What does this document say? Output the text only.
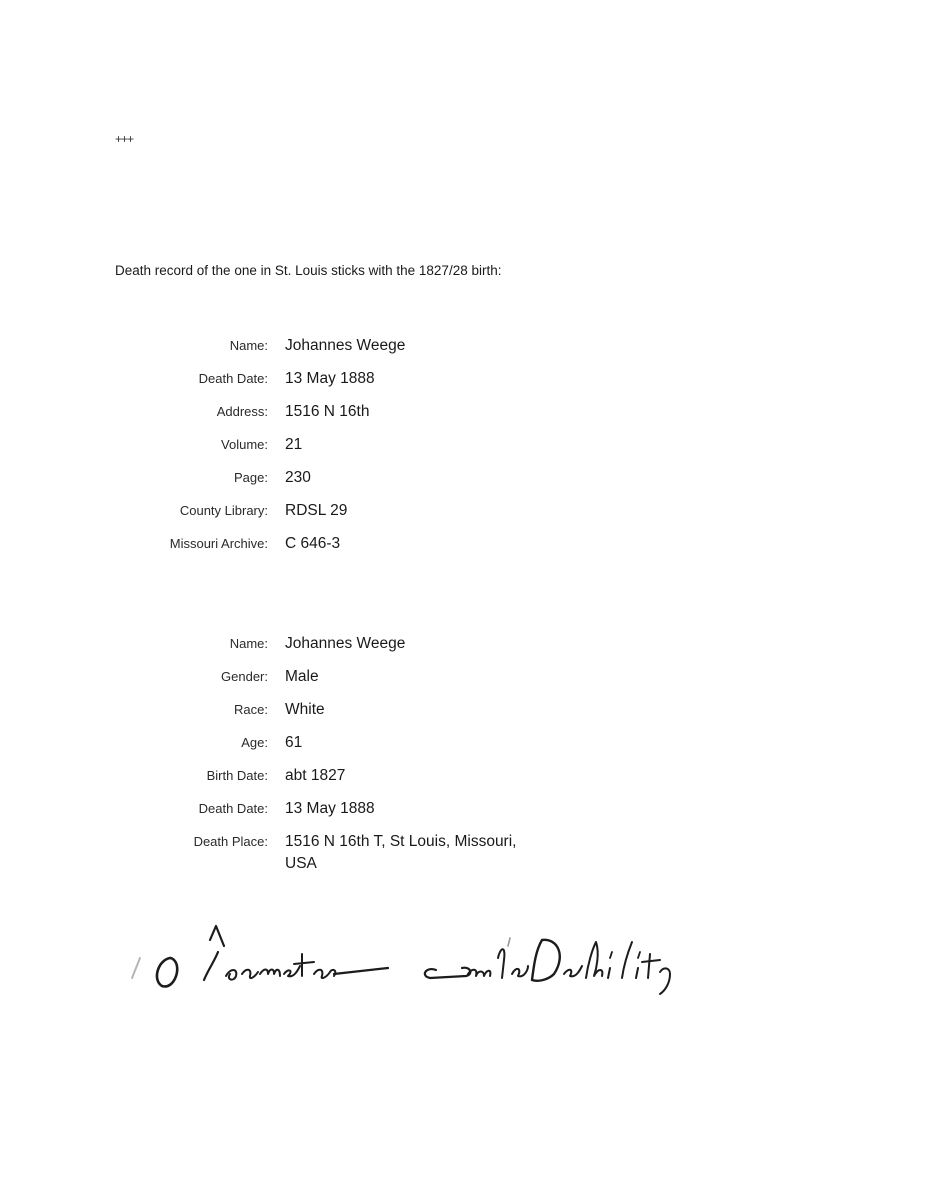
+++
Death record of the one in St. Louis sticks with the 1827/28 birth:
Name: Johannes Weege
Death Date: 13 May 1888
Address: 1516 N 16th
Volume: 21
Page: 230
County Library: RDSL 29
Missouri Archive: C 646-3
Name: Johannes Weege
Gender: Male
Race: White
Age: 61
Birth Date: abt 1827
Death Date: 13 May 1888
Death Place: 1516 N 16th T, St Louis, Missouri, USA
